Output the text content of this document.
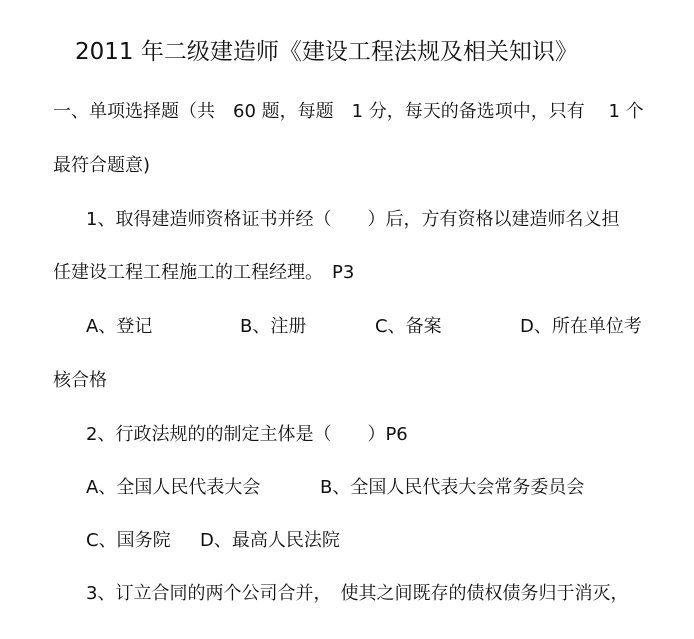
2011 年二级建造师《建设工程法规及相关知识》
一、单项选择题（共　60 题，每题　1 分，每天的备选项中，只有　 1 个
最符合题意)
1、取得建造师资格证书并经（　　）后，方有资格以建造师名义担
任建设工程工程施工的工程经理。　P3
A、登记	B、注册	C、备案	D、所在单位考
核合格
2、行政法规的的制定主体是（　　）P6
A、全国人民代表大会	B、全国人民代表大会常务委员会
C、国务院 D、最高人民法院
3、订立合同的两个公司合并，　使其之间既存的债权债务归于消灭，
